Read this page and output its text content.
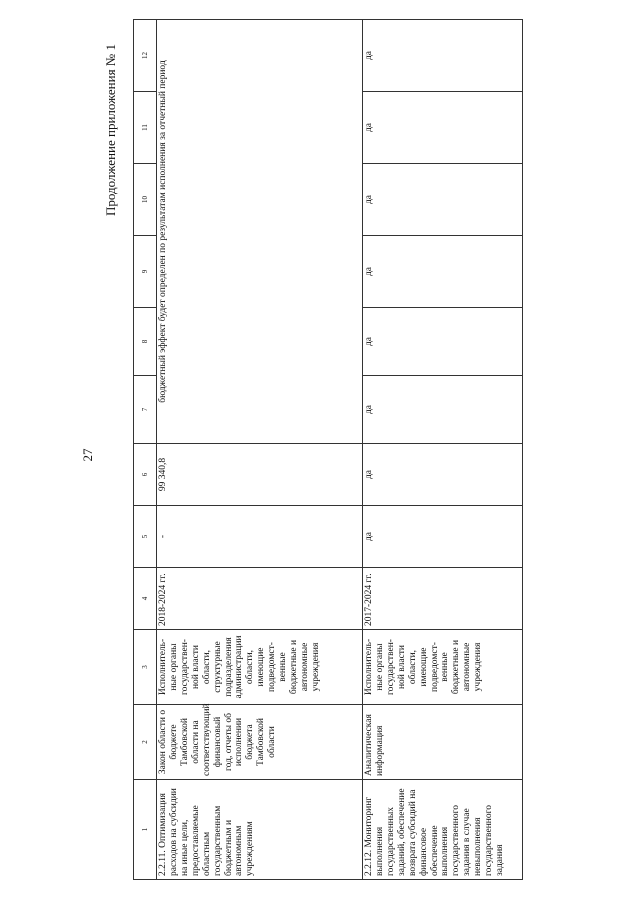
27
Продолжение приложения № 1
1	2	3	4	5	6	7	8	9	10	11	12
2.2.11. Оптимизация расходов на субсидии на иные цели, предоставляемые областным государственным бюджетным и автономным учреждениям	Закон области о бюджете Тамбовской области на соответствующий финансовый год, отчеты об исполнении бюджета Тамбовской области	Исполнитель-ные органы государствен-ной власти области, структурные подразделения администрации области, имеющие подведомст-венные бюджетные и автономные учреждения	2018-2024 гг.	-	99 340,8	бюджетный эффект будет определен по результатам исполнения за отчетный период					
2.2.12. Мониторинг выполнения государственных заданий, обеспечение возврата субсидий на финансовое обеспечение выполнения государственного задания в случае невыполнения государственного задания	Аналитическая информация	Исполнитель-ные органы государствен-ной власти области, имеющие подведомст-венные бюджетные и автономные учреждения	2017-2024 гг.	да	да	да	да	да	да	да	да
